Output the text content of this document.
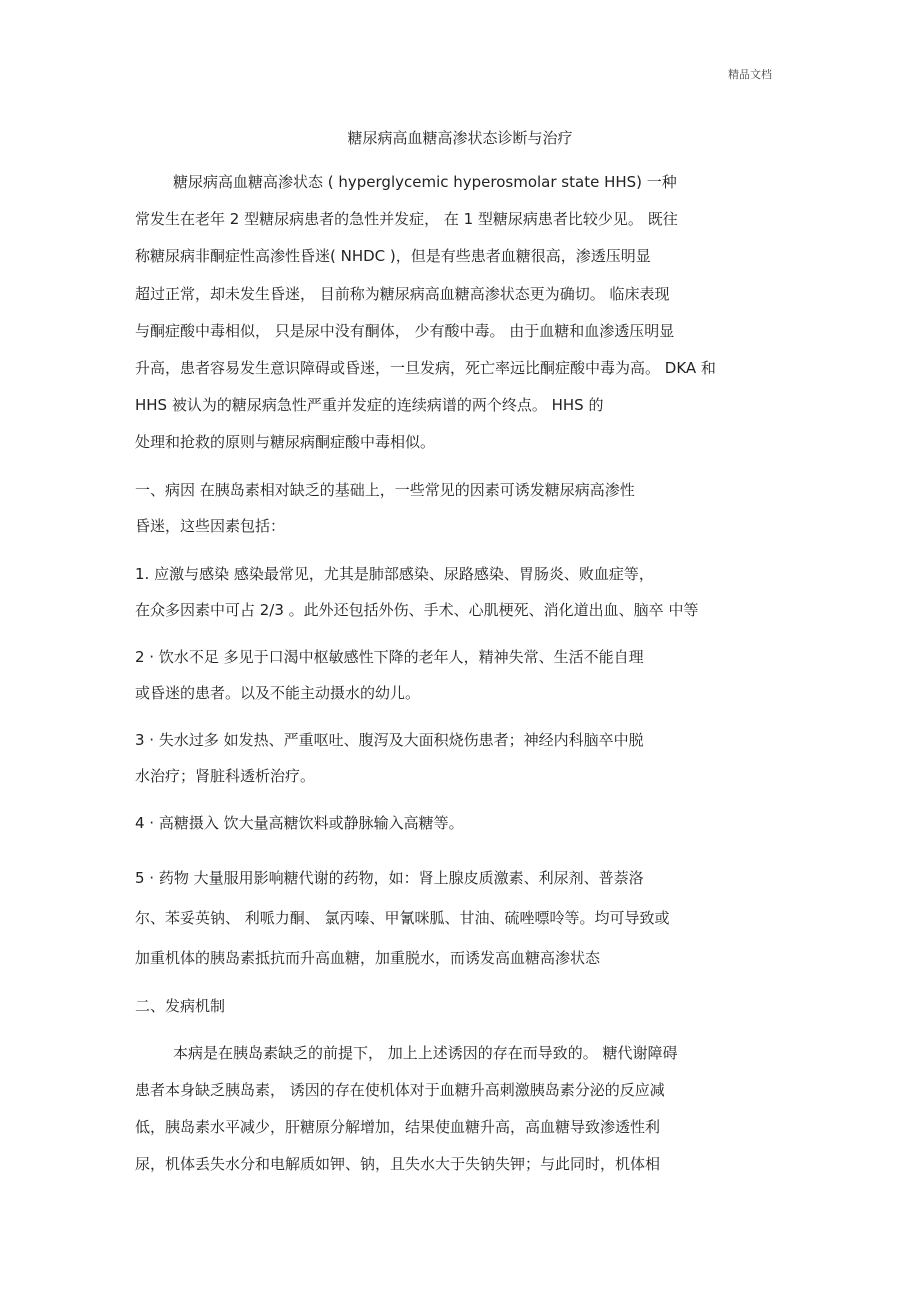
精品文档
糖尿病高血糖高渗状态诊断与治疗
糖尿病高血糖高渗状态 ( hyperglycemic hyperosmolar state HHS) 一种
常发生在老年 2 型糖尿病患者的急性并发症， 在 1 型糖尿病患者比较少见。 既往
称糖尿病非酮症性高渗性昏迷( NHDC )，但是有些患者血糖很高，渗透压明显
超过正常，却未发生昏迷， 目前称为糖尿病高血糖高渗状态更为确切。 临床表现
与酮症酸中毒相似， 只是尿中没有酮体， 少有酸中毒。 由于血糖和血渗透压明显
升高，患者容易发生意识障碍或昏迷，一旦发病，死亡率远比酮症酸中毒为高。 DKA 和
HHS 被认为的糖尿病急性严重并发症的连续病谱的两个终点。 HHS 的
处理和抢救的原则与糖尿病酮症酸中毒相似。
一、病因 在胰岛素相对缺乏的基础上，一些常见的因素可诱发糖尿病高渗性
昏迷，这些因素包括：
1. 应激与感染 感染最常见，尤其是肺部感染、尿路感染、胃肠炎、败血症等，
在众多因素中可占 2/3 。此外还包括外伤、手术、心肌梗死、消化道出血、脑卒 中等
2 · 饮水不足 多见于口渴中枢敏感性下降的老年人，精神失常、生活不能自理
或昏迷的患者。以及不能主动摄水的幼儿。
3 · 失水过多 如发热、严重呕吐、腹泻及大面积烧伤患者；神经内科脑卒中脱
水治疗；肾脏科透析治疗。
4 · 高糖摄入 饮大量高糖饮料或静脉输入高糖等。
5 · 药物 大量服用影响糖代谢的药物，如：肾上腺皮质激素、利尿剂、普萘洛
尔、苯妥英钠、 利哌力酮、 氯丙嗪、甲氰咪胍、甘油、硫唑嘌呤等。均可导致或
加重机体的胰岛素抵抗而升高血糖，加重脱水，而诱发高血糖高渗状态
二、发病机制
本病是在胰岛素缺乏的前提下， 加上上述诱因的存在而导致的。 糖代谢障碍
患者本身缺乏胰岛素， 诱因的存在使机体对于血糖升高刺激胰岛素分泌的反应减
低，胰岛素水平减少，肝糖原分解增加，结果使血糖升高，高血糖导致渗透性利
尿，机体丢失水分和电解质如钾、钠，且失水大于失钠失钾；与此同时，机体相
